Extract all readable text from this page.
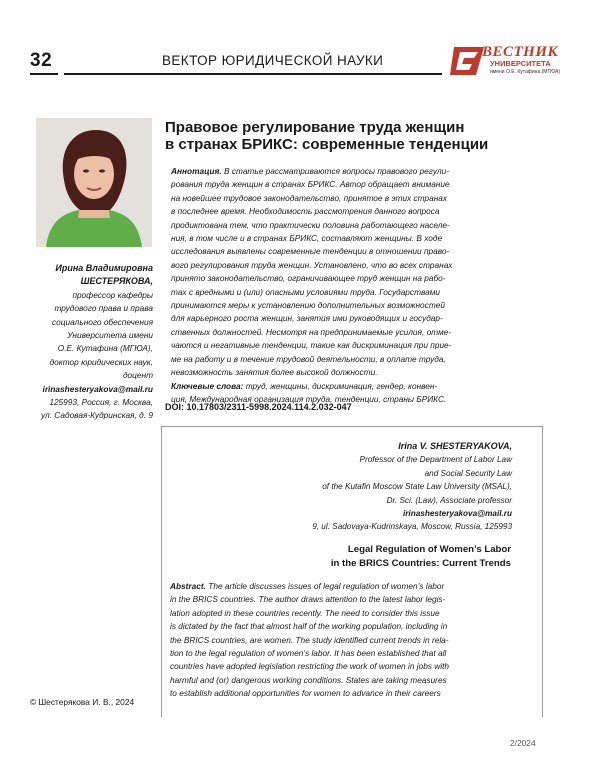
32	ВЕКТОР ЮРИДИЧЕСКОЙ НАУКИ
ВЕСТНИК
УНИВЕРСИТЕТА
имени О.Е. Кутафина (МГЮА)
Ирина Владимировна
ШЕСТЕРЯКОВА,
профессор кафедры
трудового права и права
социального обеспечения
Университета имени
О.Е. Кутафина (МГЮА),
доктор юридических наук,
доцент
irinashesteryakova@mail.ru
125993, Россия, г. Москва,
ул. Садовая-Кудринская, д. 9
Правовое регулирование труда женщин
в странах БРИКС: современные тенденции
Аннотация. В статье рассматриваются вопросы правового регули-
рования труда женщин в странах БРИКС. Автор обращает внимание
на новейшее трудовое законодательство, принятое в этих странах
в последнее время. Необходимость рассмотрения данного вопроса
продиктована тем, что практически половина работающего населе-
ния, в том числе и в странах БРИКС, составляют женщины. В ходе
исследования выявлены современные тенденции в отношении право-
вого регулирования труда женщин. Установлено, что во всех странах
принято законодательство, ограничивающее труд женщин на рабо-
тах с вредными и (или) опасными условиями труда. Государствами
принимаются меры к установлению дополнительных возможностей
для карьерного роста женщин, занятия ими руководящих и государ-
ственных должностей. Несмотря на предпринимаемые усилия, отме-
чаются и негативные тенденции, такие как дискриминация при прие-
ме на работу и в течение трудовой деятельности, в оплате труда,
невозможность занятия более высокой должности.
Ключевые слова: труд, женщины, дискриминация, гендер, конвен-
ция, Международная организация труда, тенденции, страны БРИКС.
DOI: 10.17803/2311-5998.2024.114.2.032-047
Irina V. SHESTERYAKOVA,
Professor of the Department of Labor Law
and Social Security Law
of the Kutafin Moscow State Law University (MSAL),
Dr. Sci. (Law), Associate professor
irinashesteryakova@mail.ru
9, ul. Sadovaya-Kudrinskaya, Moscow, Russia, 125993
Legal Regulation of Women’s Labor
in the BRICS Countries: Current Trends
Abstract. The article discusses issues of legal regulation of women’s labor
in the BRICS countries. The author draws attention to the latest labor legis-
lation adopted in these countries recently. The need to consider this issue
is dictated by the fact that almost half of the working population, including in
the BRICS countries, are women. The study identified current trends in rela-
tion to the legal regulation of women’s labor. It has been established that all
countries have adopted legislation restricting the work of women in jobs with
harmful and (or) dangerous working conditions. States are taking measures
to establish additional opportunities for women to advance in their careers
© Шестерякова И. В., 2024
2/2024
